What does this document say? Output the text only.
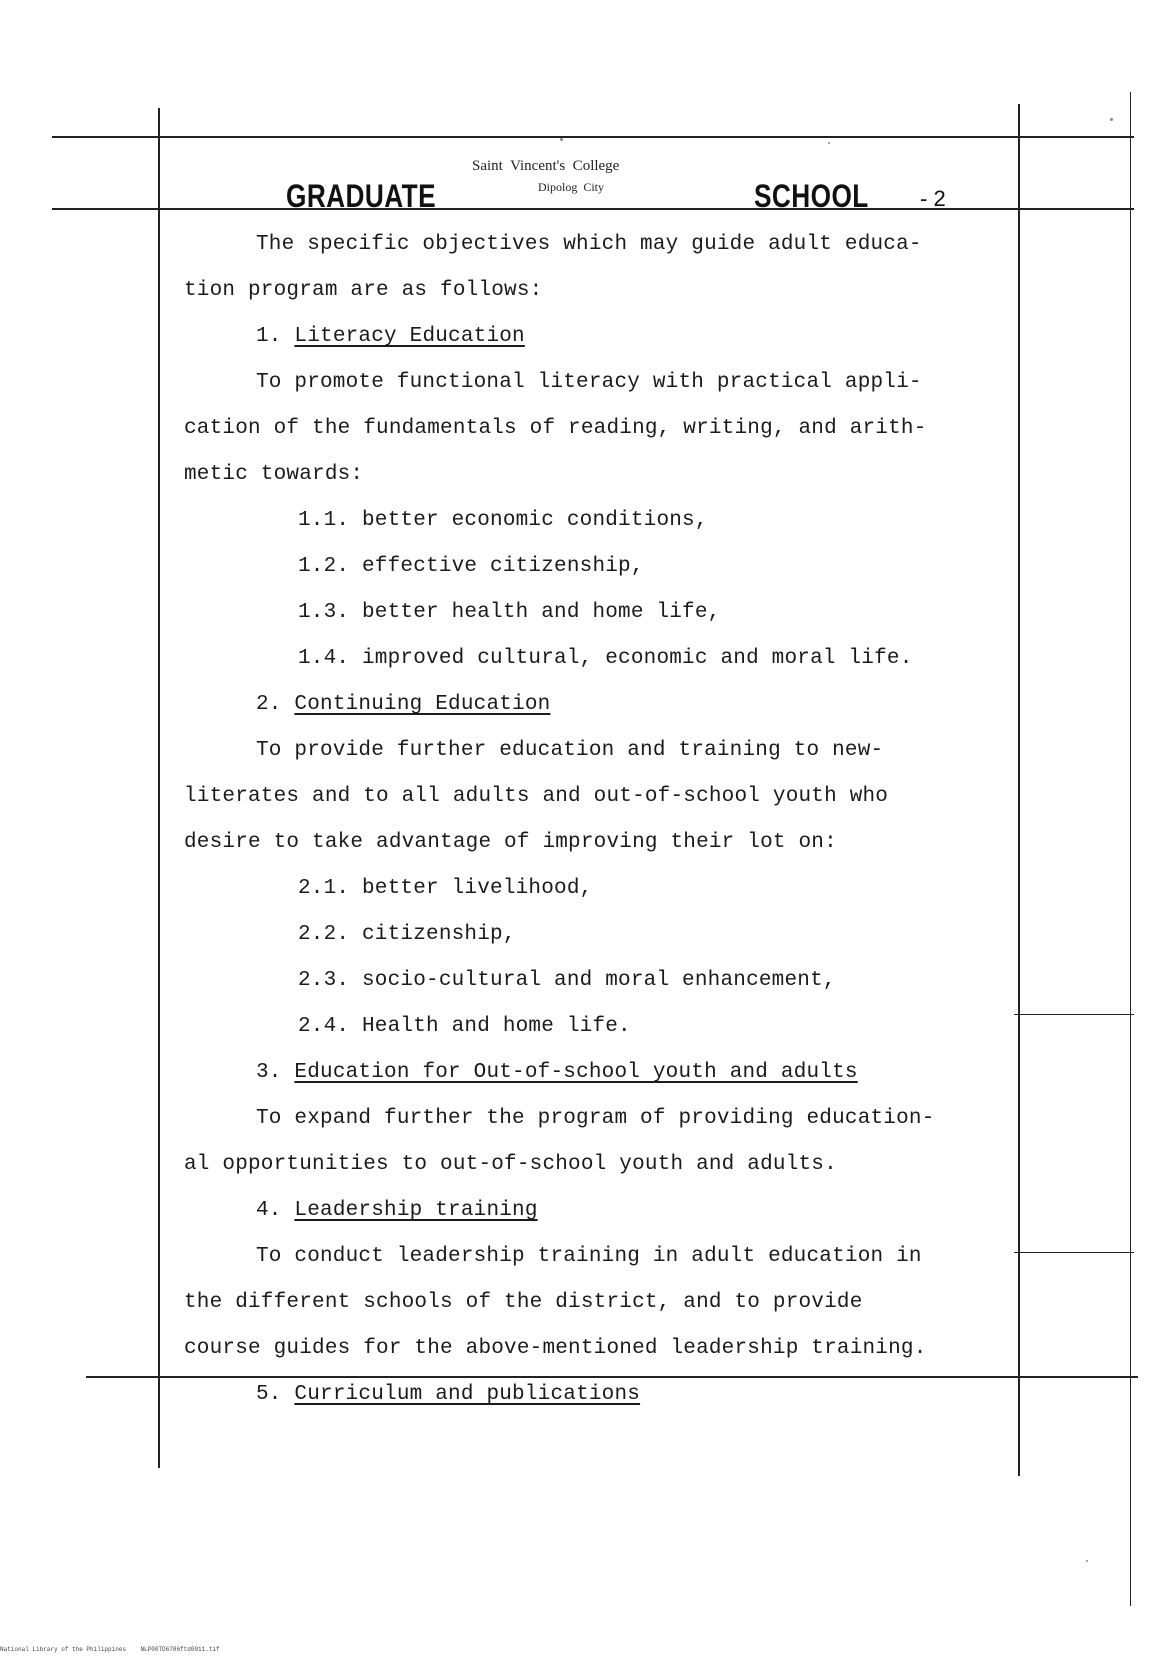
GRADUATE
Saint  Vincent's  College
Dipolog  City	SCHOOL - 2
The specific objectives which may guide adult educa-
tion program are as follows:
1. Literacy Education
To promote functional literacy with practical appli-
cation of the fundamentals of reading, writing, and arith-
metic towards:
1.1. better economic conditions,
1.2. effective citizenship,
1.3. better health and home life,
1.4. improved cultural, economic and moral life.
2. Continuing Education
To provide further education and training to new-
literates and to all adults and out-of-school youth who
desire to take advantage of improving their lot on:
2.1. better livelihood,
2.2. citizenship,
2.3. socio-cultural and moral enhancement,
2.4. Health and home life.
3. Education for Out-of-school youth and adults
To expand further the program of providing education-
al opportunities to out-of-school youth and adults.
4. Leadership training
To conduct leadership training in adult education in
the different schools of the district, and to provide
course guides for the above-mentioned leadership training.
5. Curriculum and publications
National Library of the Philippines NLP00TD6786ftd0011.tif
